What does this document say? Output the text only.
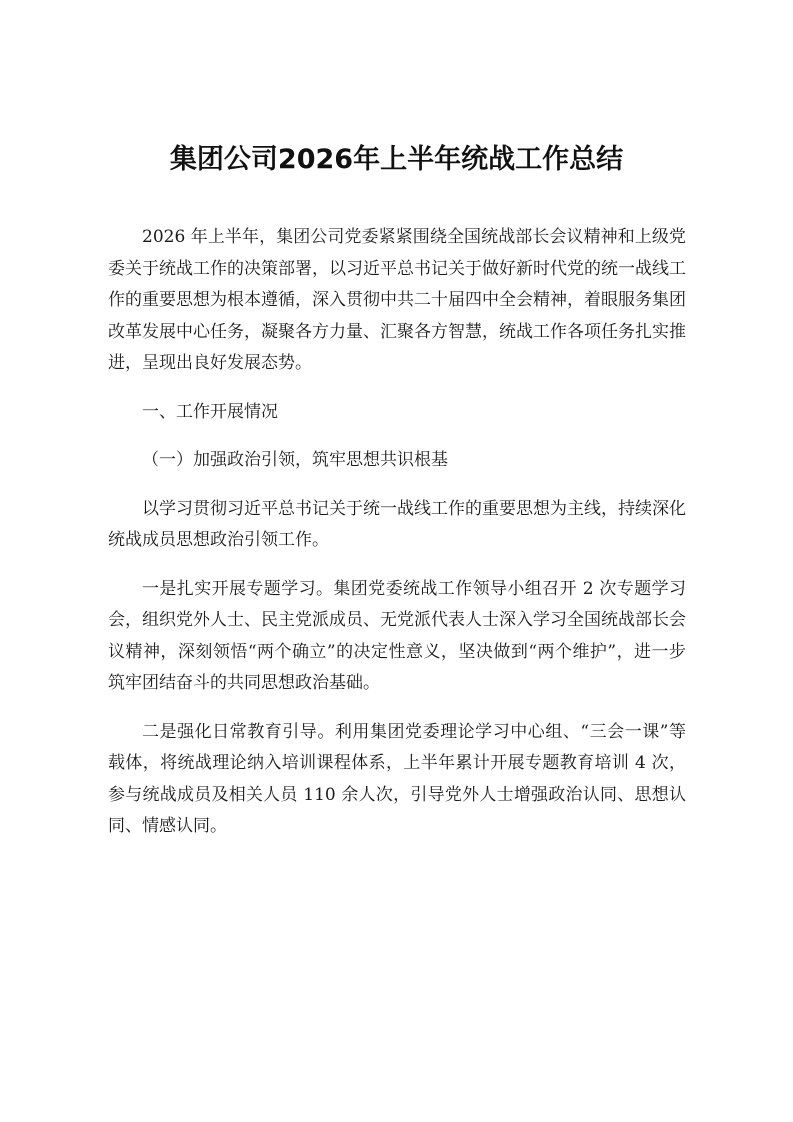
集团公司2026年上半年统战工作总结

2026 年上半年，集团公司党委紧紧围绕全国统战部长会议精神和上级党委关于统战工作的决策部署，以习近平总书记关于做好新时代党的统一战线工作的重要思想为根本遵循，深入贯彻中共二十届四中全会精神，着眼服务集团改革发展中心任务，凝聚各方力量、汇聚各方智慧，统战工作各项任务扎实推进，呈现出良好发展态势。

一、工作开展情况

（一）加强政治引领，筑牢思想共识根基

以学习贯彻习近平总书记关于统一战线工作的重要思想为主线，持续深化统战成员思想政治引领工作。

一是扎实开展专题学习。集团党委统战工作领导小组召开 2 次专题学习会，组织党外人士、民主党派成员、无党派代表人士深入学习全国统战部长会议精神，深刻领悟“两个确立”的决定性意义，坚决做到“两个维护”，进一步筑牢团结奋斗的共同思想政治基础。

二是强化日常教育引导。利用集团党委理论学习中心组、“三会一课”等载体，将统战理论纳入培训课程体系，上半年累计开展专题教育培训 4 次，参与统战成员及相关人员 110 余人次，引导党外人士增强政治认同、思想认同、情感认同。
